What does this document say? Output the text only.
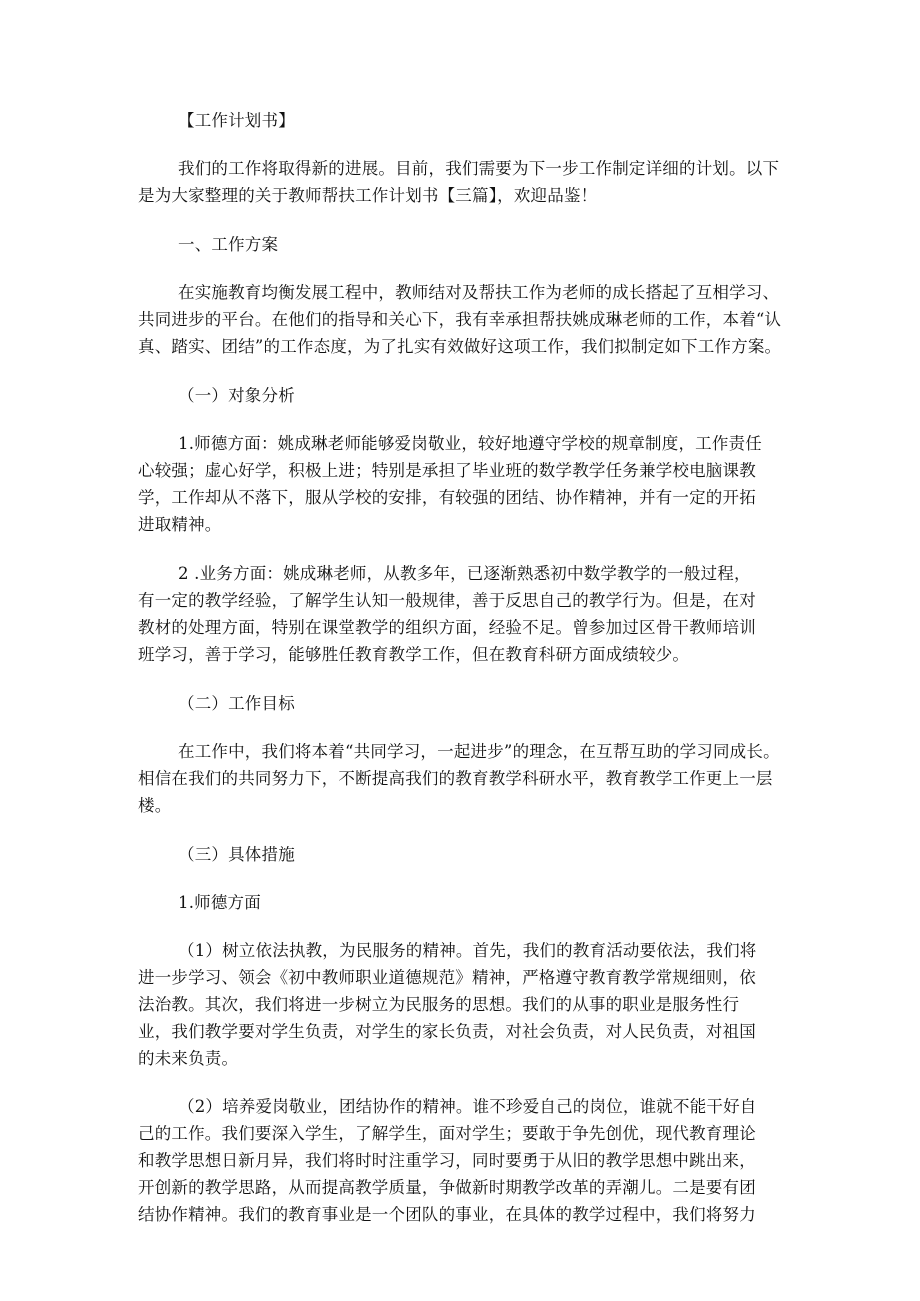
【工作计划书】
我们的工作将取得新的进展。目前，我们需要为下一步工作制定详细的计划。以下
是为大家整理的关于教师帮扶工作计划书【三篇】，欢迎品鉴！
一、工作方案
在实施教育均衡发展工程中，教师结对及帮扶工作为老师的成长搭起了互相学习、
共同进步的平台。在他们的指导和关心下，我有幸承担帮扶姚成琳老师的工作，本着“认
真、踏实、团结”的工作态度，为了扎实有效做好这项工作，我们拟制定如下工作方案。
（一）对象分析
1.师德方面：姚成琳老师能够爱岗敬业，较好地遵守学校的规章制度，工作责任
心较强；虚心好学，积极上进；特别是承担了毕业班的数学教学任务兼学校电脑课教
学，工作却从不落下，服从学校的安排，有较强的团结、协作精神，并有一定的开拓
进取精神。
2 .业务方面：姚成琳老师，从教多年，已逐渐熟悉初中数学教学的一般过程，
有一定的教学经验，了解学生认知一般规律，善于反思自己的教学行为。但是，在对
教材的处理方面，特别在课堂教学的组织方面，经验不足。曾参加过区骨干教师培训
班学习，善于学习，能够胜任教育教学工作，但在教育科研方面成绩较少。
（二）工作目标
在工作中，我们将本着“共同学习，一起进步”的理念，在互帮互助的学习同成长。
相信在我们的共同努力下，不断提高我们的教育教学科研水平，教育教学工作更上一层
楼。
（三）具体措施
1.师德方面
（1）树立依法执教，为民服务的精神。首先，我们的教育活动要依法，我们将
进一步学习、领会《初中教师职业道德规范》精神，严格遵守教育教学常规细则，依
法治教。其次，我们将进一步树立为民服务的思想。我们的从事的职业是服务性行
业，我们教学要对学生负责，对学生的家长负责，对社会负责，对人民负责，对祖国
的未来负责。
（2）培养爱岗敬业，团结协作的精神。谁不珍爱自己的岗位，谁就不能干好自
己的工作。我们要深入学生，了解学生，面对学生；要敢于争先创优，现代教育理论
和教学思想日新月异，我们将时时注重学习，同时要勇于从旧的教学思想中跳出来，
开创新的教学思路，从而提高教学质量，争做新时期教学改革的弄潮儿。二是要有团
结协作精神。我们的教育事业是一个团队的事业，在具体的教学过程中，我们将努力
